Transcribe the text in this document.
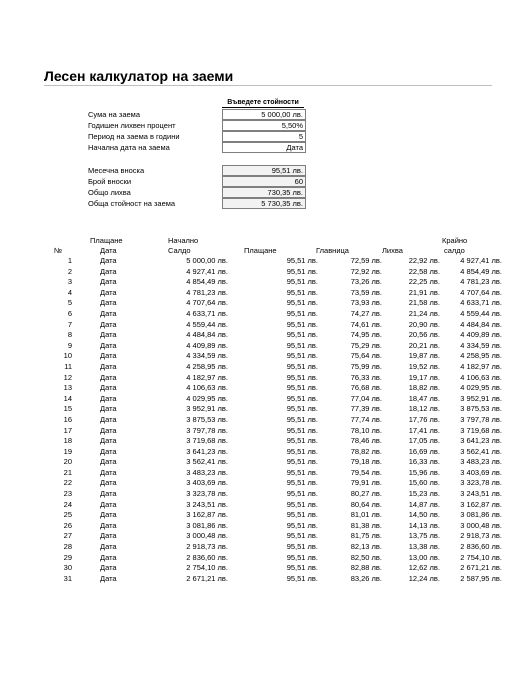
Лесен калкулатор на заеми
Въведете стойности
Сума на заема	5 000,00 лв.
Годишен лихвен процент	5,50%
Период на заема в години	5
Начална дата на заема	Дата
Месечна вноска	95,51 лв.
Брой вноски	60
Общо лихва	730,35 лв.
Обща стойност на заема	5 730,35 лв.
Плащане	Начално	Крайно
№	Дата	Салдо	Плащане	Главница	Лихва	салдо
1	Дата	5 000,00 лв.	95,51 лв.	72,59 лв.	22,92 лв.	4 927,41 лв.
2	Дата	4 927,41 лв.	95,51 лв.	72,92 лв.	22,58 лв.	4 854,49 лв.
3	Дата	4 854,49 лв.	95,51 лв.	73,26 лв.	22,25 лв.	4 781,23 лв.
4	Дата	4 781,23 лв.	95,51 лв.	73,59 лв.	21,91 лв.	4 707,64 лв.
5	Дата	4 707,64 лв.	95,51 лв.	73,93 лв.	21,58 лв.	4 633,71 лв.
6	Дата	4 633,71 лв.	95,51 лв.	74,27 лв.	21,24 лв.	4 559,44 лв.
7	Дата	4 559,44 лв.	95,51 лв.	74,61 лв.	20,90 лв.	4 484,84 лв.
8	Дата	4 484,84 лв.	95,51 лв.	74,95 лв.	20,56 лв.	4 409,89 лв.
9	Дата	4 409,89 лв.	95,51 лв.	75,29 лв.	20,21 лв.	4 334,59 лв.
10	Дата	4 334,59 лв.	95,51 лв.	75,64 лв.	19,87 лв.	4 258,95 лв.
11	Дата	4 258,95 лв.	95,51 лв.	75,99 лв.	19,52 лв.	4 182,97 лв.
12	Дата	4 182,97 лв.	95,51 лв.	76,33 лв.	19,17 лв.	4 106,63 лв.
13	Дата	4 106,63 лв.	95,51 лв.	76,68 лв.	18,82 лв.	4 029,95 лв.
14	Дата	4 029,95 лв.	95,51 лв.	77,04 лв.	18,47 лв.	3 952,91 лв.
15	Дата	3 952,91 лв.	95,51 лв.	77,39 лв.	18,12 лв.	3 875,53 лв.
16	Дата	3 875,53 лв.	95,51 лв.	77,74 лв.	17,76 лв.	3 797,78 лв.
17	Дата	3 797,78 лв.	95,51 лв.	78,10 лв.	17,41 лв.	3 719,68 лв.
18	Дата	3 719,68 лв.	95,51 лв.	78,46 лв.	17,05 лв.	3 641,23 лв.
19	Дата	3 641,23 лв.	95,51 лв.	78,82 лв.	16,69 лв.	3 562,41 лв.
20	Дата	3 562,41 лв.	95,51 лв.	79,18 лв.	16,33 лв.	3 483,23 лв.
21	Дата	3 483,23 лв.	95,51 лв.	79,54 лв.	15,96 лв.	3 403,69 лв.
22	Дата	3 403,69 лв.	95,51 лв.	79,91 лв.	15,60 лв.	3 323,78 лв.
23	Дата	3 323,78 лв.	95,51 лв.	80,27 лв.	15,23 лв.	3 243,51 лв.
24	Дата	3 243,51 лв.	95,51 лв.	80,64 лв.	14,87 лв.	3 162,87 лв.
25	Дата	3 162,87 лв.	95,51 лв.	81,01 лв.	14,50 лв.	3 081,86 лв.
26	Дата	3 081,86 лв.	95,51 лв.	81,38 лв.	14,13 лв.	3 000,48 лв.
27	Дата	3 000,48 лв.	95,51 лв.	81,75 лв.	13,75 лв.	2 918,73 лв.
28	Дата	2 918,73 лв.	95,51 лв.	82,13 лв.	13,38 лв.	2 836,60 лв.
29	Дата	2 836,60 лв.	95,51 лв.	82,50 лв.	13,00 лв.	2 754,10 лв.
30	Дата	2 754,10 лв.	95,51 лв.	82,88 лв.	12,62 лв.	2 671,21 лв.
31	Дата	2 671,21 лв.	95,51 лв.	83,26 лв.	12,24 лв.	2 587,95 лв.
